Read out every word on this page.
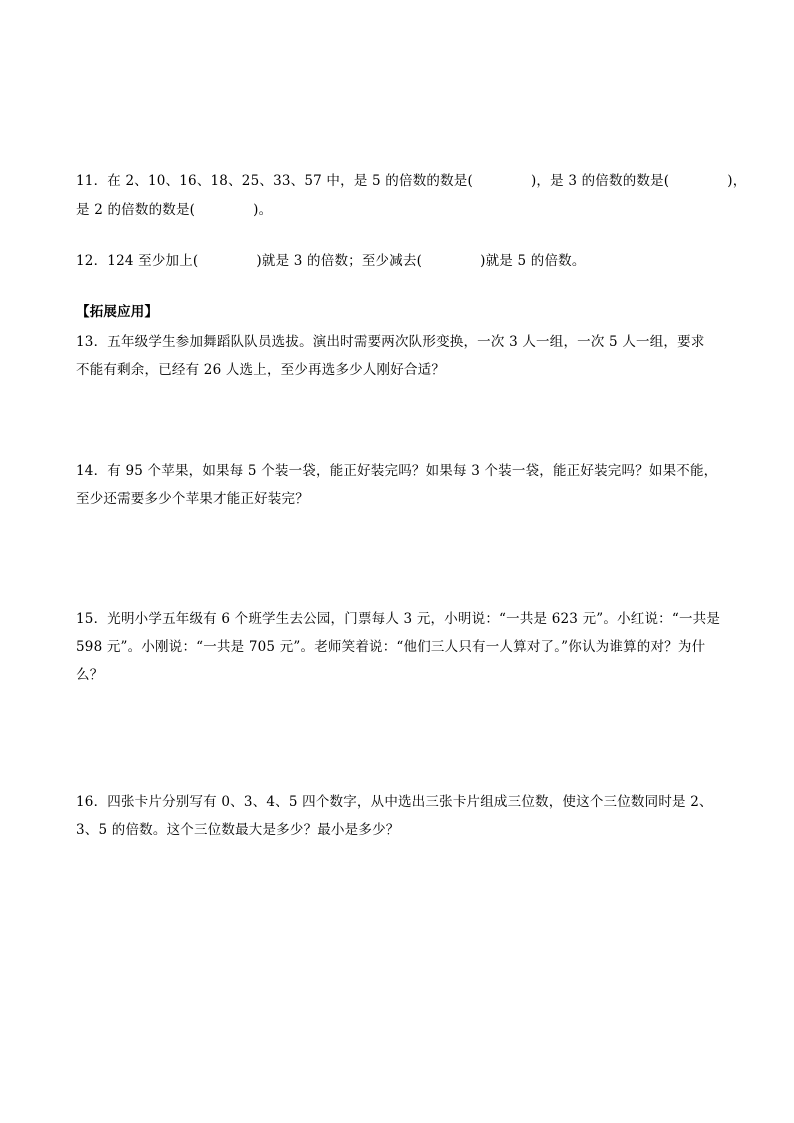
11．在 2、10、16、18、25、33、57 中，是 5 的倍数的数是(	)，是 3 的倍数的数是(	)，
是 2 的倍数的数是(	)。
12．124 至少加上(	)就是 3 的倍数；至少减去(	)就是 5 的倍数。
【拓展应用】
13．五年级学生参加舞蹈队队员选拔。演出时需要两次队形变换，一次 3 人一组，一次 5 人一组，要求
不能有剩余，已经有 26 人选上，至少再选多少人刚好合适？
14．有 95 个苹果，如果每 5 个装一袋，能正好装完吗？如果每 3 个装一袋，能正好装完吗？如果不能，
至少还需要多少个苹果才能正好装完？
15．光明小学五年级有 6 个班学生去公园，门票每人 3 元，小明说：“一共是 623 元”。小红说：“一共是
598 元”。小刚说：“一共是 705 元”。老师笑着说：“他们三人只有一人算对了。”你认为谁算的对？为什
么？
16．四张卡片分别写有 0、3、4、5 四个数字，从中选出三张卡片组成三位数，使这个三位数同时是 2、
3、5 的倍数。这个三位数最大是多少？最小是多少？
